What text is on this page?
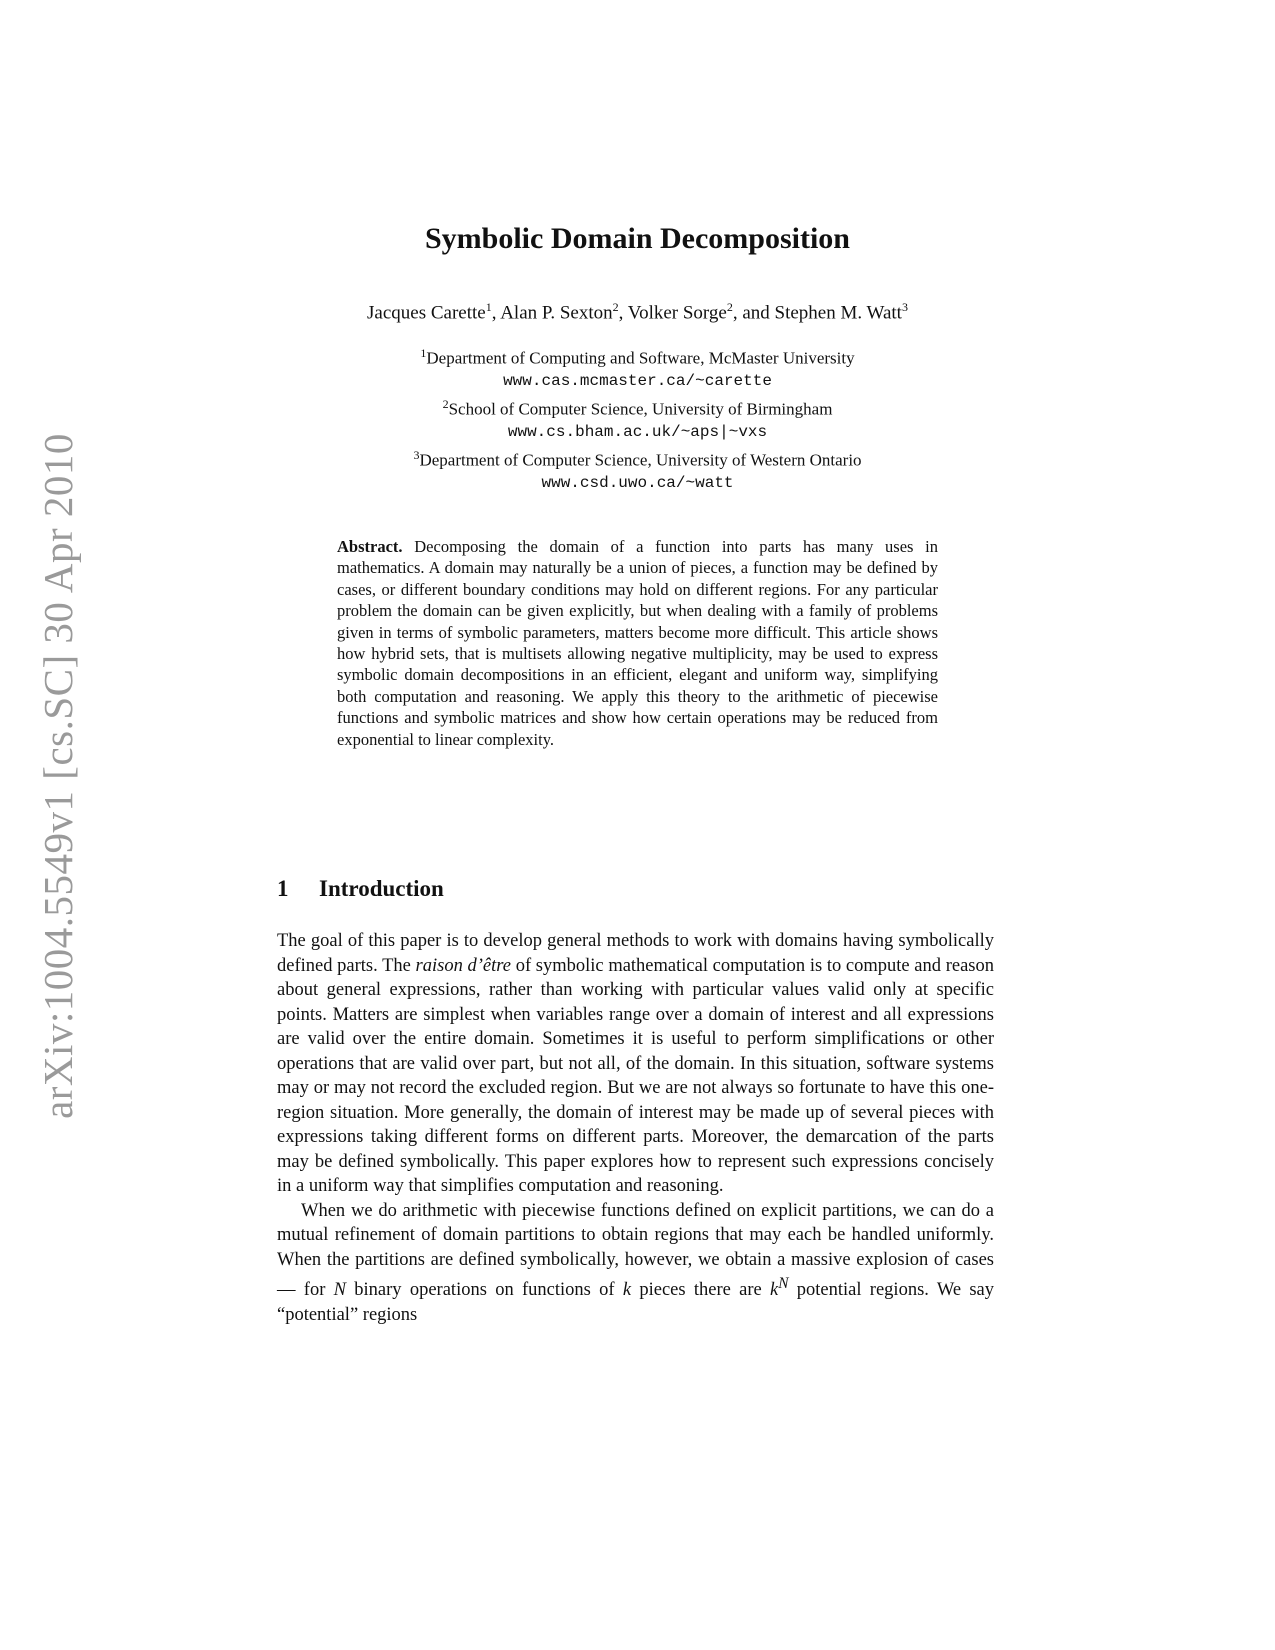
arXiv:1004.5549v1 [cs.SC] 30 Apr 2010
Symbolic Domain Decomposition
Jacques Carette$^1$, Alan P. Sexton$^2$, Volker Sorge$^2$, and Stephen M. Watt$^3$
$^1$Department of Computing and Software, McMaster University
www.cas.mcmaster.ca/~carette
$^2$School of Computer Science, University of Birmingham
www.cs.bham.ac.uk/~aps|~vxs
$^3$Department of Computer Science, University of Western Ontario
www.csd.uwo.ca/~watt
Abstract. Decomposing the domain of a function into parts has many uses in mathematics. A domain may naturally be a union of pieces, a function may be defined by cases, or different boundary conditions may hold on different regions. For any particular problem the domain can be given explicitly, but when dealing with a family of problems given in terms of symbolic parameters, matters become more difficult. This article shows how hybrid sets, that is multisets allowing negative multiplicity, may be used to express symbolic domain decompositions in an efficient, elegant and uniform way, simplifying both computation and reasoning. We apply this theory to the arithmetic of piecewise functions and symbolic matrices and show how certain operations may be reduced from exponential to linear complexity.
1 Introduction

The goal of this paper is to develop general methods to work with domains having symbolically defined parts. The raison d’être of symbolic mathematical computation is to compute and reason about general expressions, rather than working with particular values valid only at specific points. Matters are simplest when variables range over a domain of interest and all expressions are valid over the entire domain. Sometimes it is useful to perform simplifications or other operations that are valid over part, but not all, of the domain. In this situation, software systems may or may not record the excluded region. But we are not always so fortunate to have this one-region situation. More generally, the domain of interest may be made up of several pieces with expressions taking different forms on different parts. Moreover, the demarcation of the parts may be defined symbolically. This paper explores how to represent such expressions concisely in a uniform way that simplifies computation and reasoning.

When we do arithmetic with piecewise functions defined on explicit partitions, we can do a mutual refinement of domain partitions to obtain regions that may each be handled uniformly. When the partitions are defined symbolically, however, we obtain a massive explosion of cases — for N binary operations on functions of k pieces there are $k^N$ potential regions. We say “potential” regions
